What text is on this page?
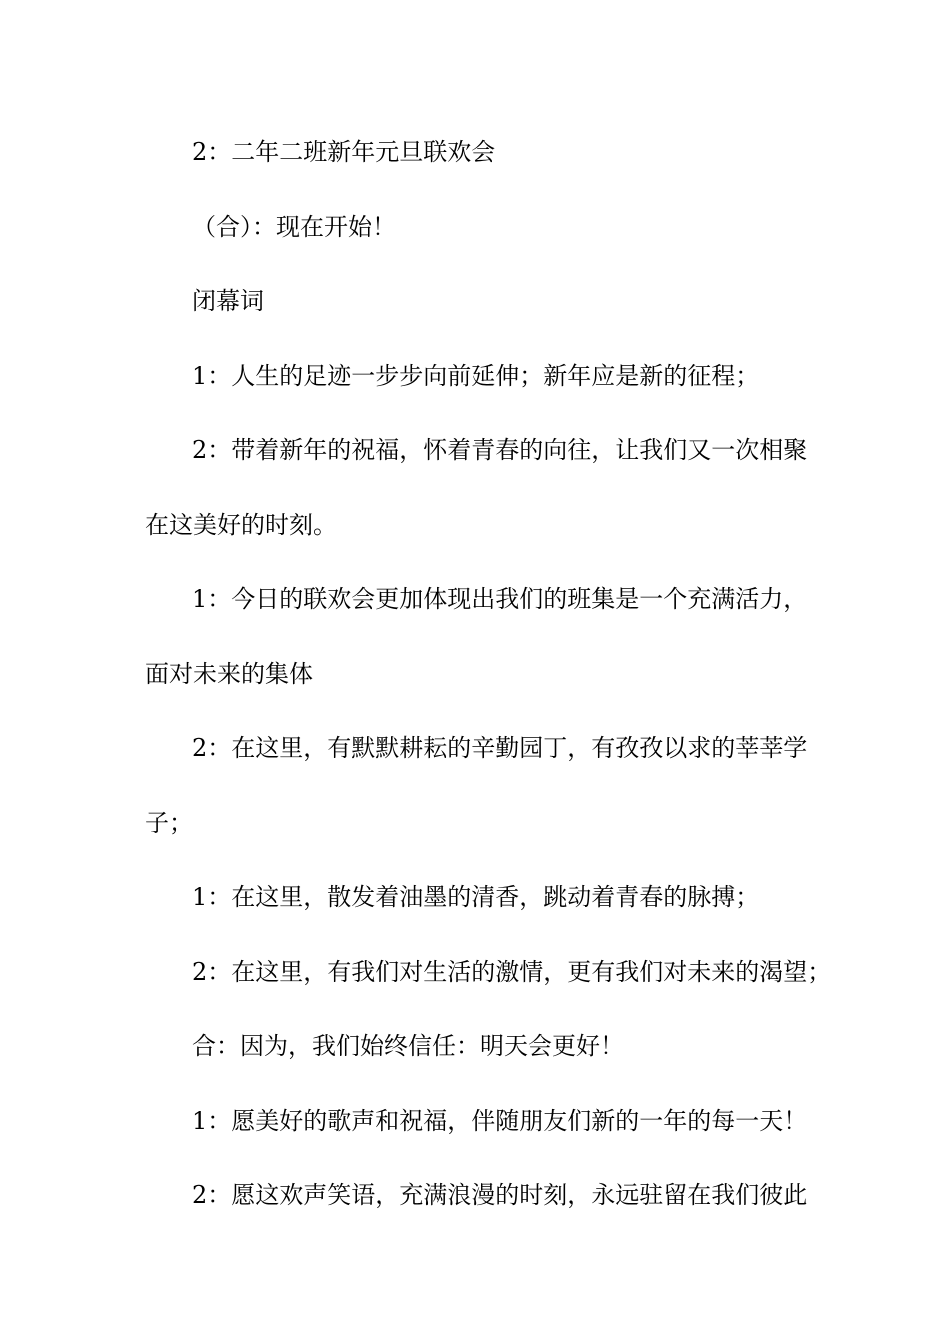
2：二年二班新年元旦联欢会

（合）：现在开始！

闭幕词

1：人生的足迹一步步向前延伸；新年应是新的征程；

2：带着新年的祝福，怀着青春的向往，让我们又一次相聚

在这美好的时刻。

1：今日的联欢会更加体现出我们的班集是一个充满活力，

面对未来的集体

2：在这里，有默默耕耘的辛勤园丁，有孜孜以求的莘莘学

子；

1：在这里，散发着油墨的清香，跳动着青春的脉搏；

2：在这里，有我们对生活的激情，更有我们对未来的渴望；

合：因为，我们始终信任：明天会更好！

1：愿美好的歌声和祝福，伴随朋友们新的一年的每一天！

2：愿这欢声笑语，充满浪漫的时刻，永远驻留在我们彼此
